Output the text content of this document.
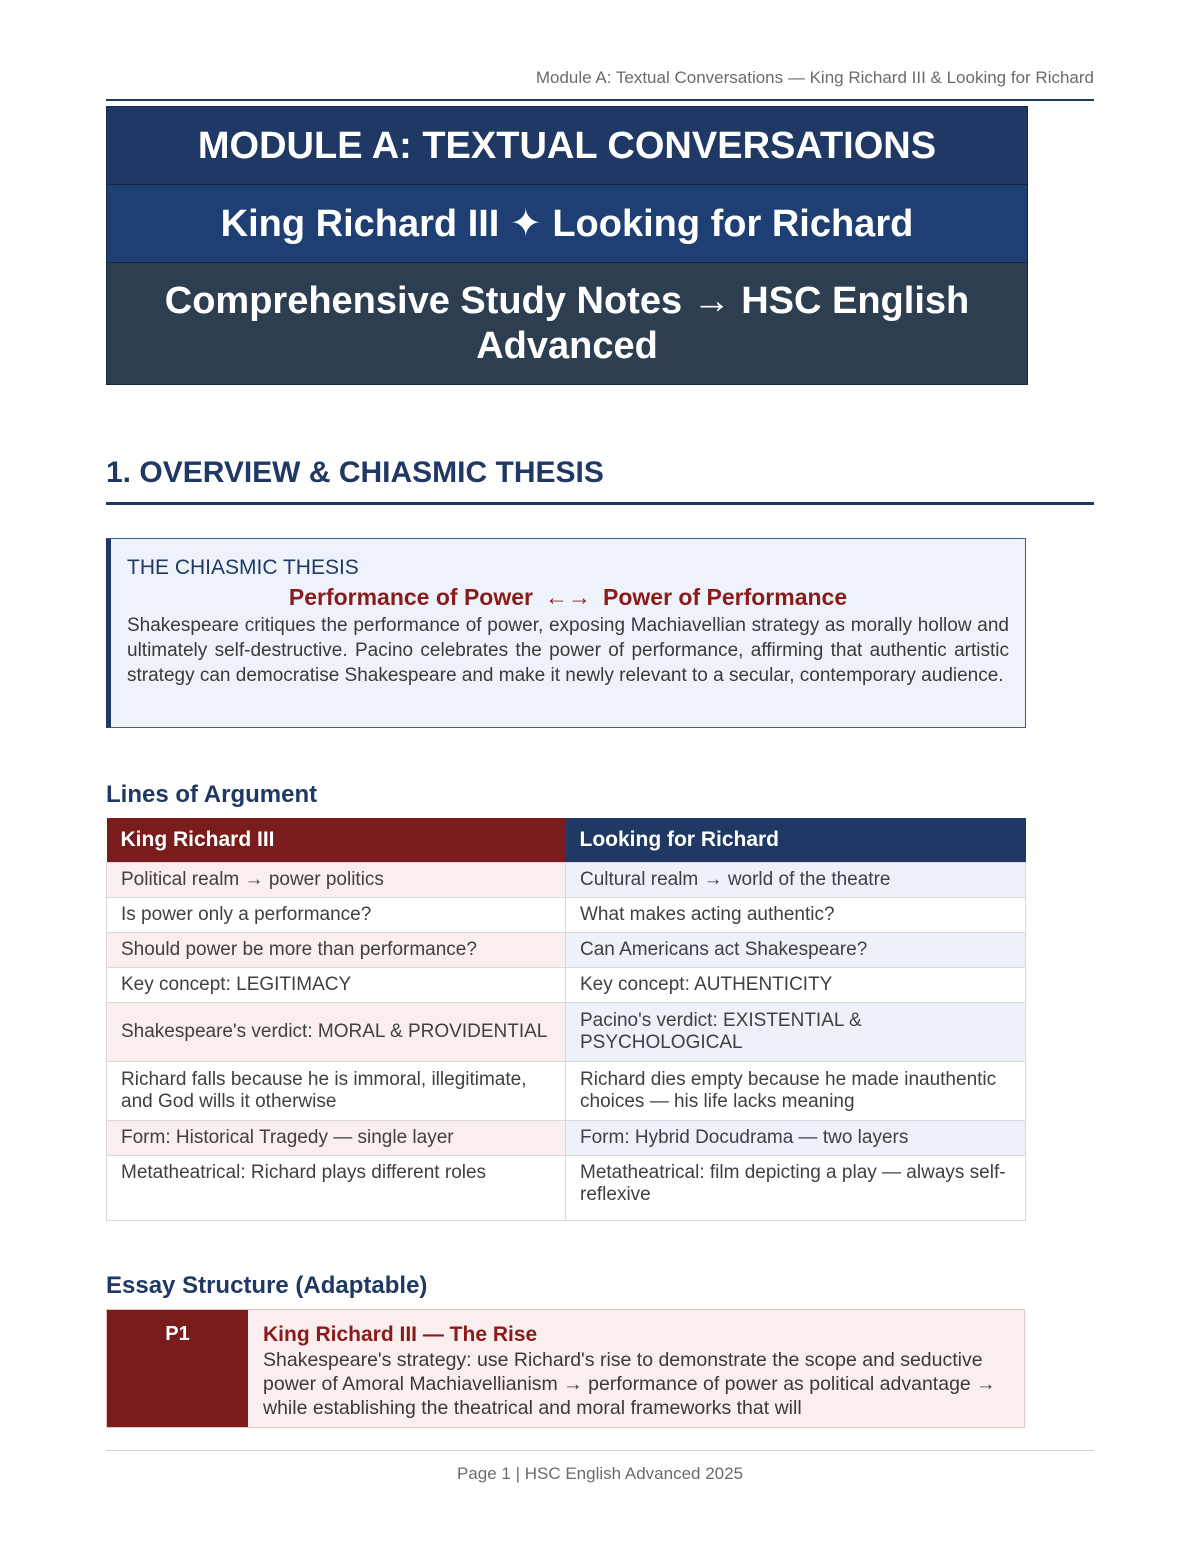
Module A: Textual Conversations — King Richard III & Looking for Richard
MODULE A: TEXTUAL CONVERSATIONS
King Richard III ✦ Looking for Richard
Comprehensive Study Notes → HSC English
Advanced
1. OVERVIEW & CHIASMIC THESIS
THE CHIASMIC THESIS
Performance of Power ←→ Power of Performance
Shakespeare critiques the performance of power, exposing Machiavellian strategy as morally hollow and ultimately self-destructive. Pacino celebrates the power of performance, affirming that authentic artistic strategy can democratise Shakespeare and make it newly relevant to a secular, contemporary audience.
Lines of Argument
King Richard III	Looking for Richard
Political realm → power politics	Cultural realm → world of the theatre
Is power only a performance?	What makes acting authentic?
Should power be more than performance?	Can Americans act Shakespeare?
Key concept: LEGITIMACY	Key concept: AUTHENTICITY
Shakespeare's verdict: MORAL & PROVIDENTIAL	Pacino's verdict: EXISTENTIAL & PSYCHOLOGICAL
Richard falls because he is immoral, illegitimate, and God wills it otherwise	Richard dies empty because he made inauthentic choices — his life lacks meaning
Form: Historical Tragedy — single layer	Form: Hybrid Docudrama — two layers
Metatheatrical: Richard plays different roles	Metatheatrical: film depicting a play — always self-reflexive
Essay Structure (Adaptable)
P1	King Richard III — The Rise
Shakespeare's strategy: use Richard's rise to demonstrate the scope and seductive power of Amoral Machiavellianism → performance of power as political advantage → while establishing the theatrical and moral frameworks that will
Page 1 | HSC English Advanced 2025
